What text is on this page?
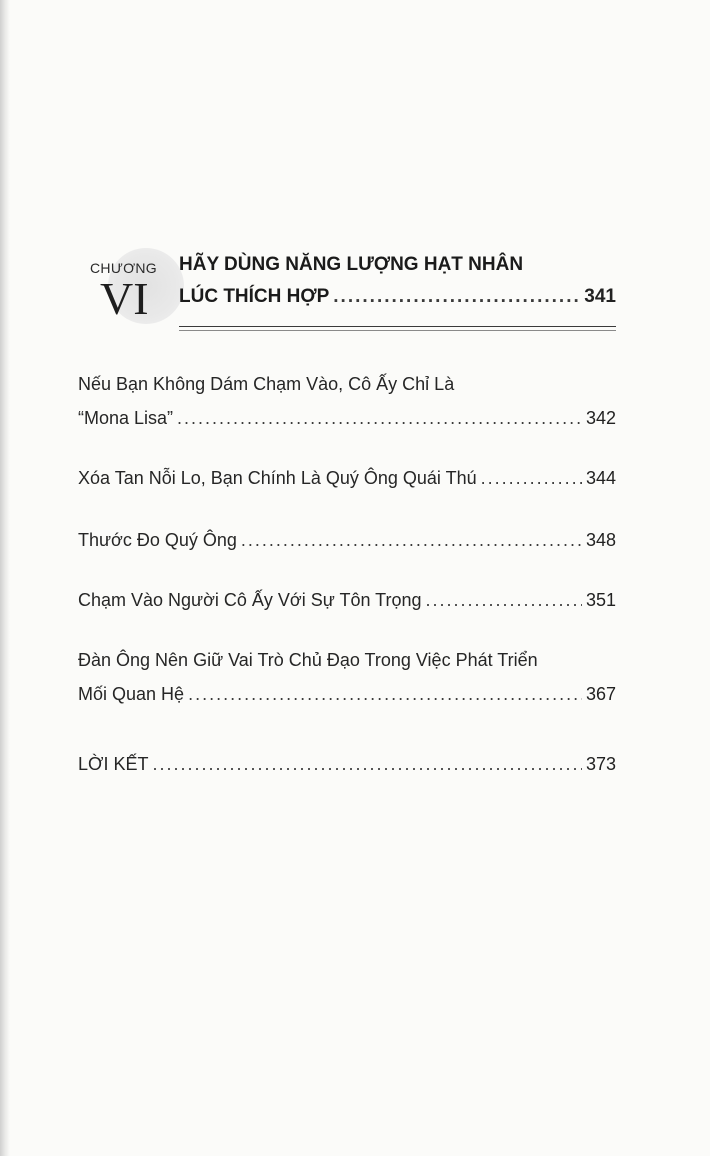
CHƯƠNG
VI
HÃY DÙNG NĂNG LƯỢNG HẠT NHÂN
LÚC THÍCH HỢP .....	341
Nếu Bạn Không Dám Chạm Vào, Cô Ấy Chỉ Là
“Mona Lisa” .....	342
Xóa Tan Nỗi Lo, Bạn Chính Là Quý Ông Quái Thú .....	344
Thước Đo Quý Ông .....	348
Chạm Vào Người Cô Ấy Với Sự Tôn Trọng .....	351
Đàn Ông Nên Giữ Vai Trò Chủ Đạo Trong Việc Phát Triển
Mối Quan Hệ .....	367
LỜI KẾT .....	373
